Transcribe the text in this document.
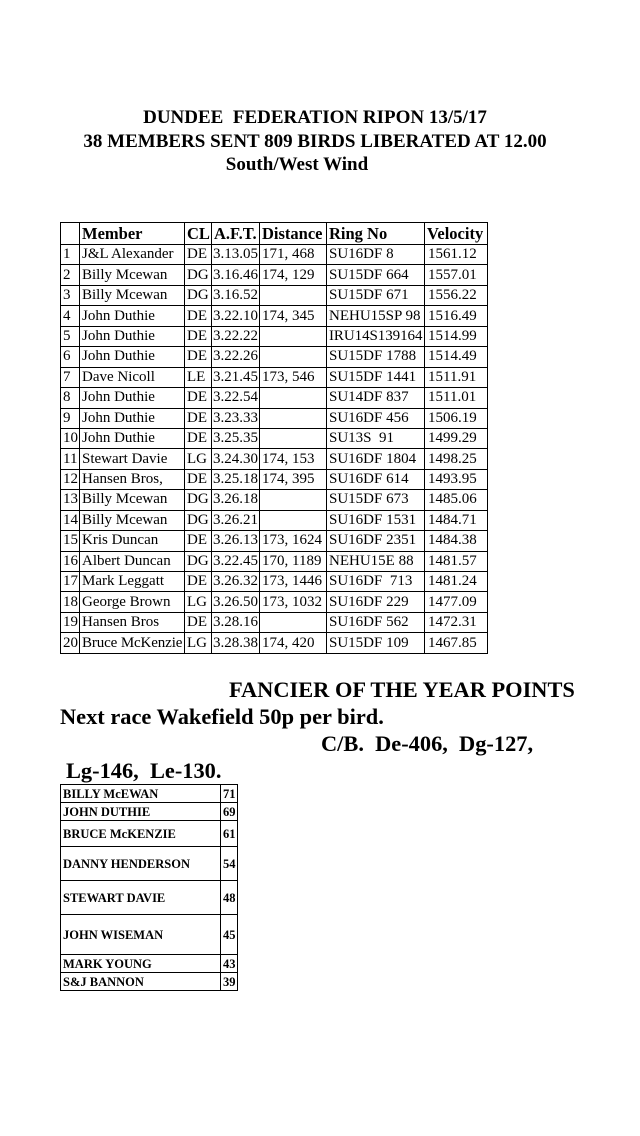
DUNDEE  FEDERATION RIPON 13/5/17
38 MEMBERS SENT 809 BIRDS LIBERATED AT 12.00
South/West Wind
	Member	CL	A.F.T.	Distance	Ring No	Velocity
1	J&L Alexander	DE	3.13.05	171, 468	SU16DF 8	1561.12
2	Billy Mcewan	DG	3.16.46	174, 129	SU15DF 664	1557.01
3	Billy Mcewan	DG	3.16.52		SU15DF 671	1556.22
4	John Duthie	DE	3.22.10	174, 345	NEHU15SP 98	1516.49
5	John Duthie	DE	3.22.22		IRU14S139164	1514.99
6	John Duthie	DE	3.22.26		SU15DF 1788	1514.49
7	Dave Nicoll	LE	3.21.45	173, 546	SU15DF 1441	1511.91
8	John Duthie	DE	3.22.54		SU14DF 837	1511.01
9	John Duthie	DE	3.23.33		SU16DF 456	1506.19
10	John Duthie	DE	3.25.35		SU13S  91	1499.29
11	Stewart Davie	LG	3.24.30	174, 153	SU16DF 1804	1498.25
12	Hansen Bros,	DE	3.25.18	174, 395	SU16DF 614	1493.95
13	Billy Mcewan	DG	3.26.18		SU15DF 673	1485.06
14	Billy Mcewan	DG	3.26.21		SU16DF 1531	1484.71
15	Kris Duncan	DE	3.26.13	173, 1624	SU16DF 2351	1484.38
16	Albert Duncan	DG	3.22.45	170, 1189	NEHU15E 88	1481.57
17	Mark Leggatt	DE	3.26.32	173, 1446	SU16DF  713	1481.24
18	George Brown	LG	3.26.50	173, 1032	SU16DF 229	1477.09
19	Hansen Bros	DE	3.28.16		SU16DF 562	1472.31
20	Bruce McKenzie	LG	3.28.38	174, 420	SU15DF 109	1467.85
FANCIER OF THE YEAR POINTS
Next race Wakefield 50p per bird.
C/B.  De-406,  Dg-127,
Lg-146,  Le-130.
BILLY McEWAN	71
JOHN DUTHIE	69
BRUCE McKENZIE	61
DANNY HENDERSON	54
STEWART DAVIE	48
JOHN WISEMAN	45
MARK YOUNG	43
S&J BANNON	39
